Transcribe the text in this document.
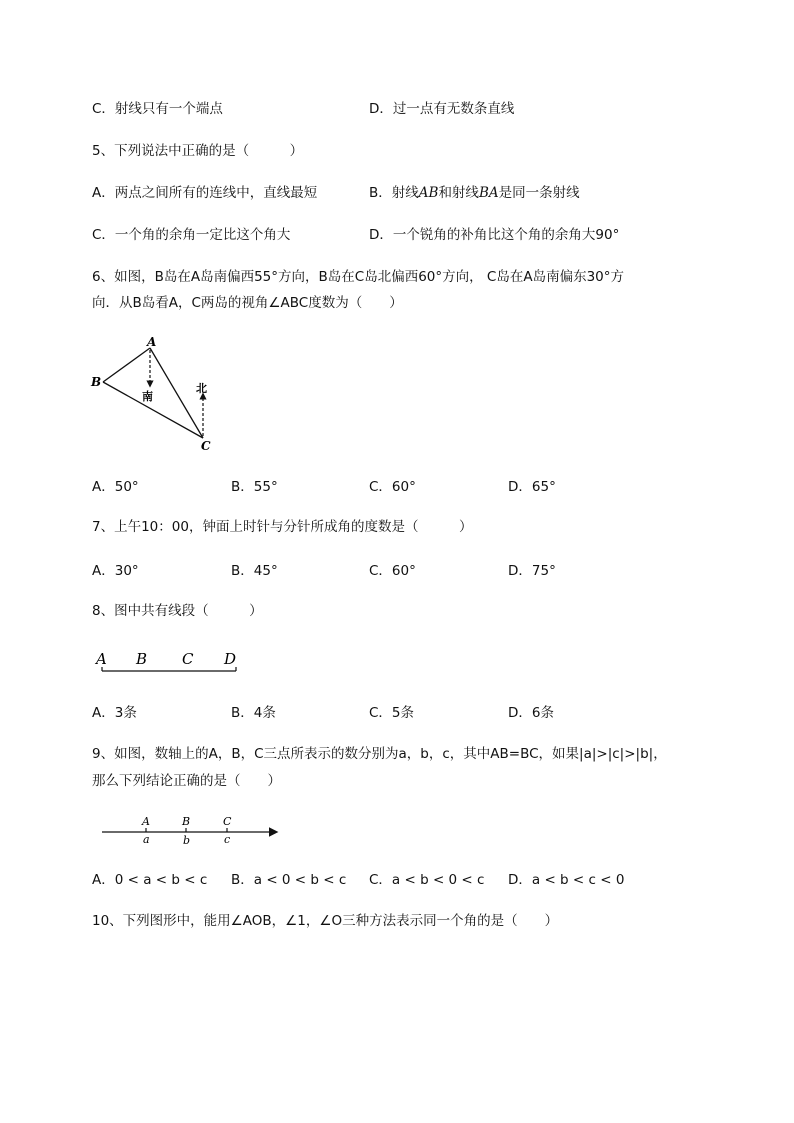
C．射线只有一个端点	D．过一点有无数条直线
5、下列说法中正确的是（　　　）
A．两点之间所有的连线中，直线最短	B．射线AB和射线BA是同一条射线
C．一个角的余角一定比这个角大	D．一个锐角的补角比这个角的余角大90°
6、如图，B岛在A岛南偏西55°方向，B岛在C岛北偏西60°方向， C岛在A岛南偏东30°方
向．从B岛看A，C两岛的视角∠ABC度数为（　　）
A
B
C
南
北
A．50°	B．55°	C．60°	D．65°
7、上午10：00，钟面上时针与分针所成角的度数是（　　　）
A．30°	B．45°	C．60°	D．75°
8、图中共有线段（　　　）
A B C D
A．3条	B．4条	C．5条	D．6条
9、如图，数轴上的A，B，C三点所表示的数分别为a，b，c，其中AB=BC，如果|a|>|c|>|b|，
那么下列结论正确的是（　　）
A	B	C
a	b	c
A．0 < a < b < c B．a < 0 < b < c C．a < b < 0 < c D．a < b < c < 0
10、下列图形中，能用∠AOB，∠1，∠O三种方法表示同一个角的是（　　）
